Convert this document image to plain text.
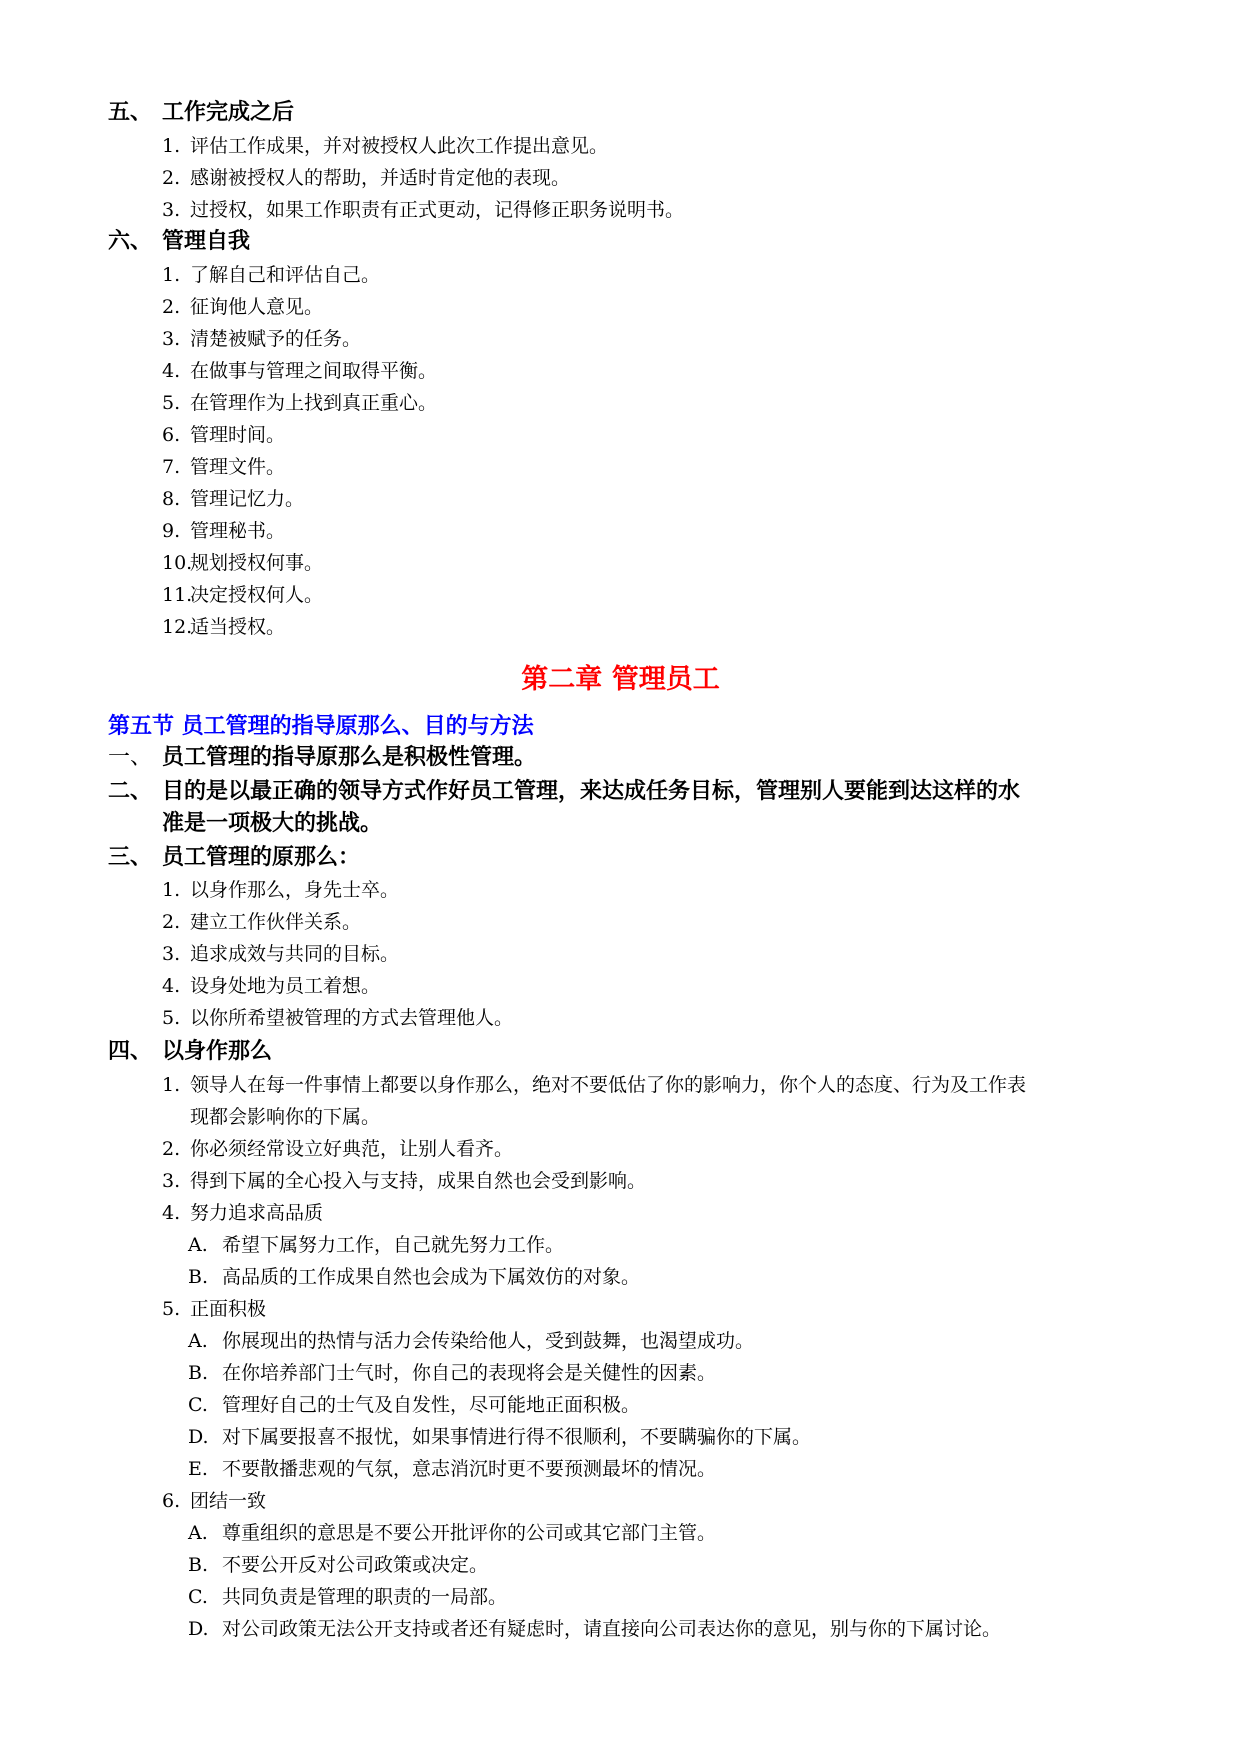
五、 工作完成之后
1. 评估工作成果，并对被授权人此次工作提出意见。
2. 感谢被授权人的帮助，并适时肯定他的表现。
3. 过授权，如果工作职责有正式更动，记得修正职务说明书。
六、 管理自我
1. 了解自己和评估自己。
2. 征询他人意见。
3. 清楚被赋予的任务。
4. 在做事与管理之间取得平衡。
5. 在管理作为上找到真正重心。
6. 管理时间。
7. 管理文件。
8. 管理记忆力。
9. 管理秘书。
10.规划授权何事。
11.决定授权何人。
12.适当授权。
第二章 管理员工
第五节 员工管理的指导原那么、目的与方法
一、 员工管理的指导原那么是积极性管理。
二、 目的是以最正确的领导方式作好员工管理，来达成任务目标，管理别人要能到达这样的水
准是一项极大的挑战。
三、 员工管理的原那么：
1. 以身作那么，身先士卒。
2. 建立工作伙伴关系。
3. 追求成效与共同的目标。
4. 设身处地为员工着想。
5. 以你所希望被管理的方式去管理他人。
四、 以身作那么
1. 领导人在每一件事情上都要以身作那么，绝对不要低估了你的影响力，你个人的态度、行为及工作表
现都会影响你的下属。
2. 你必须经常设立好典范，让别人看齐。
3. 得到下属的全心投入与支持，成果自然也会受到影响。
4. 努力追求高品质
A. 希望下属努力工作，自己就先努力工作。
B. 高品质的工作成果自然也会成为下属效仿的对象。
5. 正面积极
A. 你展现出的热情与活力会传染给他人，受到鼓舞，也渴望成功。
B. 在你培养部门士气时，你自己的表现将会是关健性的因素。
C. 管理好自己的士气及自发性，尽可能地正面积极。
D. 对下属要报喜不报忧，如果事情进行得不很顺利，不要瞒骗你的下属。
E. 不要散播悲观的气氛，意志消沉时更不要预测最坏的情况。
6. 团结一致
A. 尊重组织的意思是不要公开批评你的公司或其它部门主管。
B. 不要公开反对公司政策或决定。
C. 共同负责是管理的职责的一局部。
D. 对公司政策无法公开支持或者还有疑虑时，请直接向公司表达你的意见，别与你的下属讨论。
